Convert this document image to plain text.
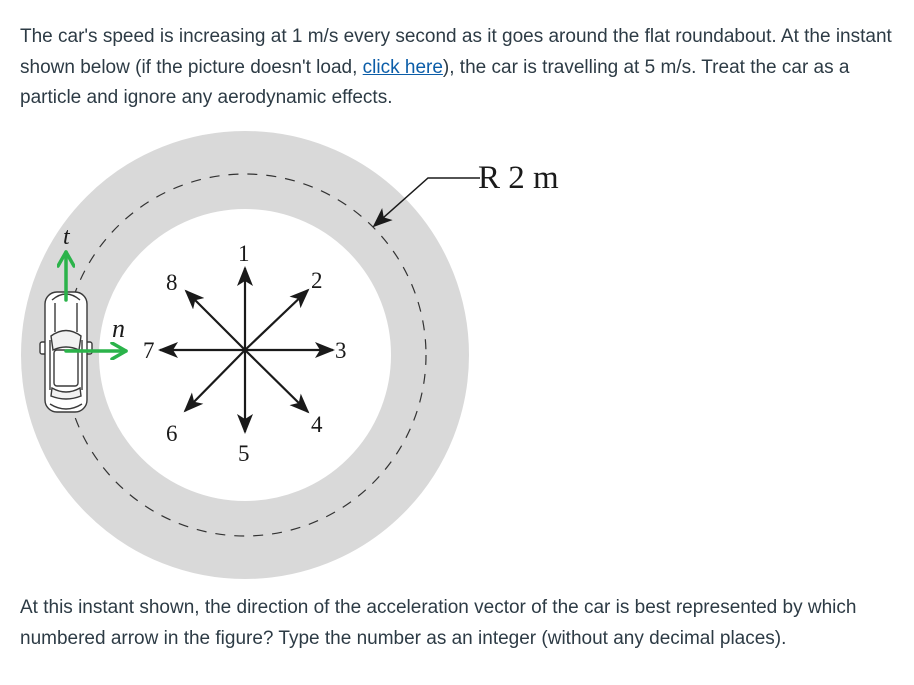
The car's speed is increasing at 1 m/s every second as it goes around the flat roundabout. At the instant shown below (if the picture doesn't load, click here), the car is travelling at 5 m/s. Treat the car as a particle and ignore any aerodynamic effects.

R 2 m
1
2
3
4
5
6
7
8
t
n

At this instant shown, the direction of the acceleration vector of the car is best represented by which numbered arrow in the figure? Type the number as an integer (without any decimal places).
